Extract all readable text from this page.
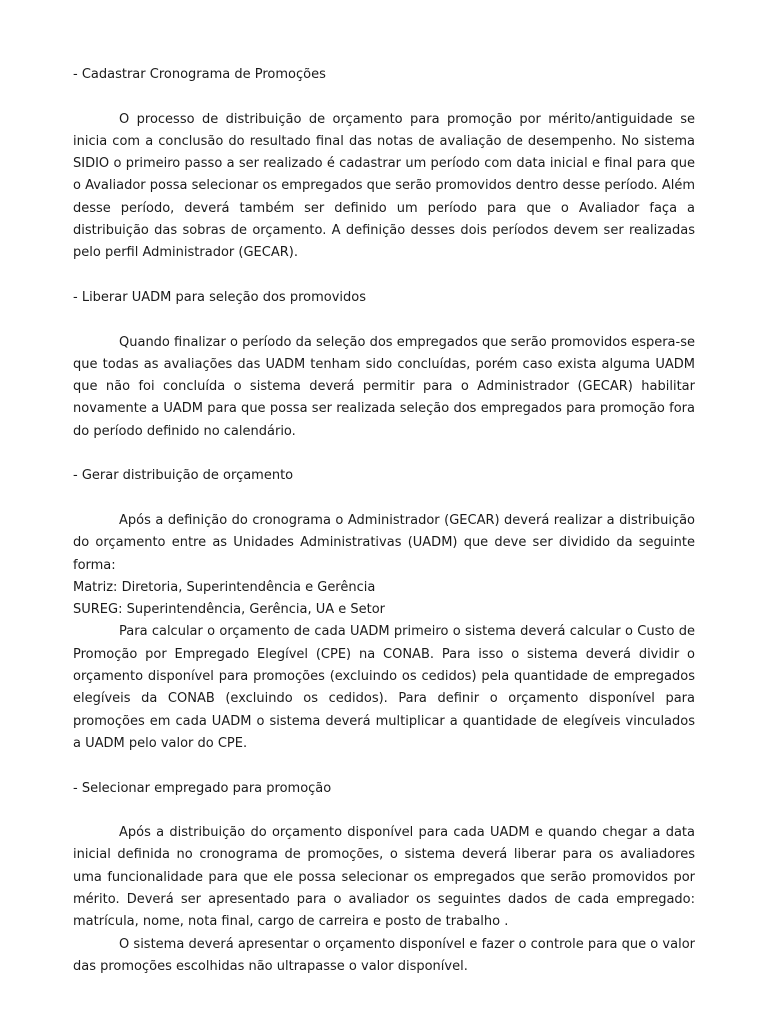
- Cadastrar Cronograma de Promoções

O processo de distribuição de orçamento para promoção por mérito/antiguidade se inicia com a conclusão do resultado final das notas de avaliação de desempenho. No sistema SIDIO o primeiro passo a ser realizado é cadastrar um período com data inicial e final para que o Avaliador possa selecionar os empregados que serão promovidos dentro desse período. Além desse período, deverá também ser definido um período para que o Avaliador faça a distribuição das sobras de orçamento. A definição desses dois períodos devem ser realizadas pelo perfil Administrador (GECAR).

- Liberar UADM para seleção dos promovidos

Quando finalizar o período da seleção dos empregados que serão promovidos espera-se que todas as avaliações das UADM tenham sido concluídas, porém caso exista alguma UADM que não foi concluída o sistema deverá permitir para o Administrador (GECAR) habilitar novamente a UADM para que possa ser realizada seleção dos empregados para promoção fora do período definido no calendário.

- Gerar distribuição de orçamento

Após a definição do cronograma o Administrador (GECAR) deverá realizar a distribuição do orçamento entre as Unidades Administrativas (UADM) que deve ser dividido da seguinte forma:

Matriz: Diretoria, Superintendência e Gerência

SUREG: Superintendência, Gerência, UA e Setor

Para calcular o orçamento de cada UADM primeiro o sistema deverá calcular o Custo de Promoção por Empregado Elegível (CPE) na CONAB. Para isso o sistema deverá dividir o orçamento disponível para promoções (excluindo os cedidos) pela quantidade de empregados elegíveis da CONAB (excluindo os cedidos). Para definir o orçamento disponível para promoções em cada UADM o sistema deverá multiplicar a quantidade de elegíveis vinculados a UADM pelo valor do CPE.

- Selecionar empregado para promoção

Após a distribuição do orçamento disponível para cada UADM e quando chegar a data inicial definida no cronograma de promoções, o sistema deverá liberar para os avaliadores uma funcionalidade para que ele possa selecionar os empregados que serão promovidos por mérito. Deverá ser apresentado para o avaliador os seguintes dados de cada empregado: matrícula, nome, nota final, cargo de carreira e posto de trabalho .

O sistema deverá apresentar o orçamento disponível e fazer o controle para que o valor das promoções escolhidas não ultrapasse o valor disponível.
